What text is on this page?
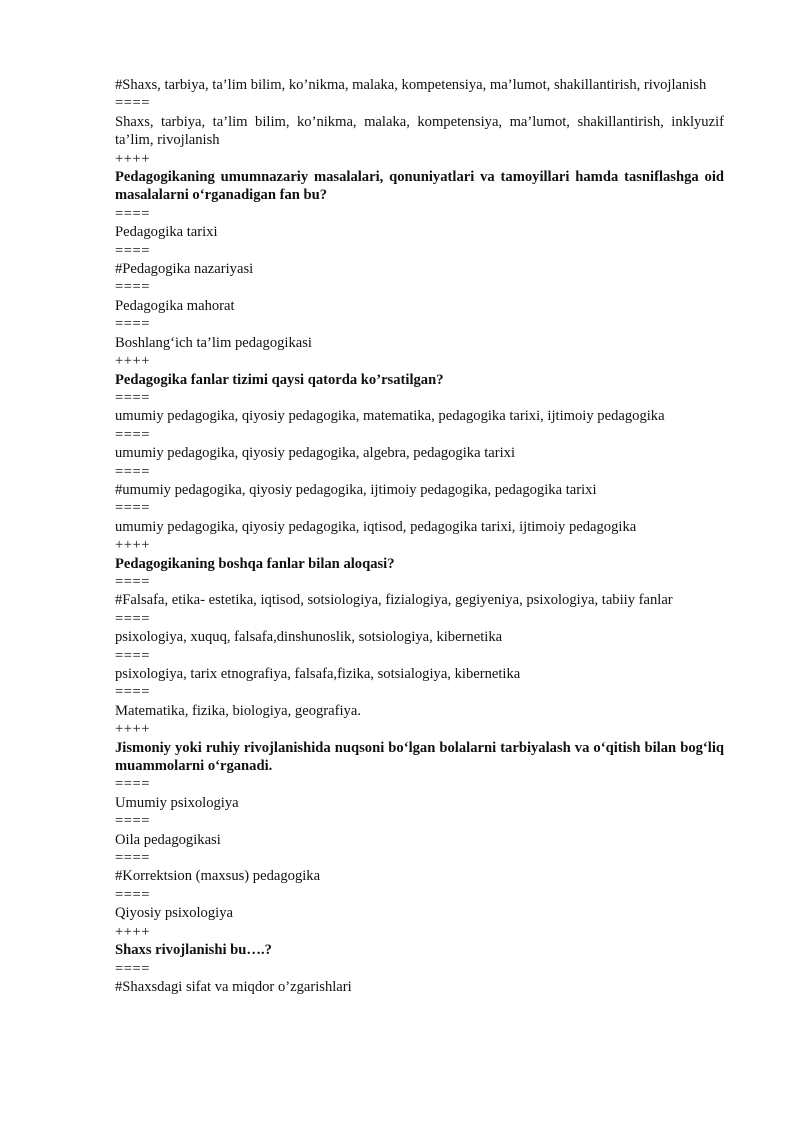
#Shaxs, tarbiya, ta’lim bilim, ko’nikma, malaka, kompetensiya, ma’lumot, shakillantirish, rivojlanish
====
Shaxs, tarbiya, ta’lim bilim, ko’nikma, malaka, kompetensiya, ma’lumot, shakillantirish, inklyuzif ta’lim, rivojlanish
++++
Pedagogikaning umumnazariy masalalari, qonuniyatlari va tamoyillari hamda tasniflashga oid masalalarni o‘rganadigan fan bu?
====
Pedagogika tarixi
====
#Pedagogika nazariyasi
====
Pedagogika mahorat
====
Boshlang‘ich ta’lim pedagogikasi
++++
Pedagogika fanlar tizimi qaysi qatorda ko’rsatilgan?
====
umumiy pedagogika, qiyosiy pedagogika, matematika, pedagogika tarixi, ijtimoiy pedagogika
====
umumiy pedagogika, qiyosiy pedagogika, algebra, pedagogika tarixi
====
#umumiy pedagogika, qiyosiy pedagogika, ijtimoiy pedagogika, pedagogika tarixi
====
umumiy pedagogika, qiyosiy pedagogika, iqtisod, pedagogika tarixi, ijtimoiy pedagogika
++++
Pedagogikaning boshqa fanlar bilan aloqasi?
====
#Falsafa, etika- estetika, iqtisod, sotsiologiya, fizialogiya, gegiyeniya, psixologiya, tabiiy fanlar
====
psixologiya, xuquq, falsafa,dinshunoslik, sotsiologiya, kibernetika
====
psixologiya, tarix etnografiya, falsafa,fizika, sotsialogiya, kibernetika
====
Matematika, fizika, biologiya, geografiya.
++++
Jismoniy yoki ruhiy rivojlanishida nuqsoni bo‘lgan bolalarni tarbiyalash va o‘qitish bilan bog‘liq muammolarni o‘rganadi.
====
Umumiy psixologiya
====
Oila pedagogikasi
====
#Korrektsion (maxsus) pedagogika
====
Qiyosiy psixologiya
++++
Shaxs rivojlanishi bu….?
====
#Shaxsdagi sifat va miqdor o’zgarishlari
